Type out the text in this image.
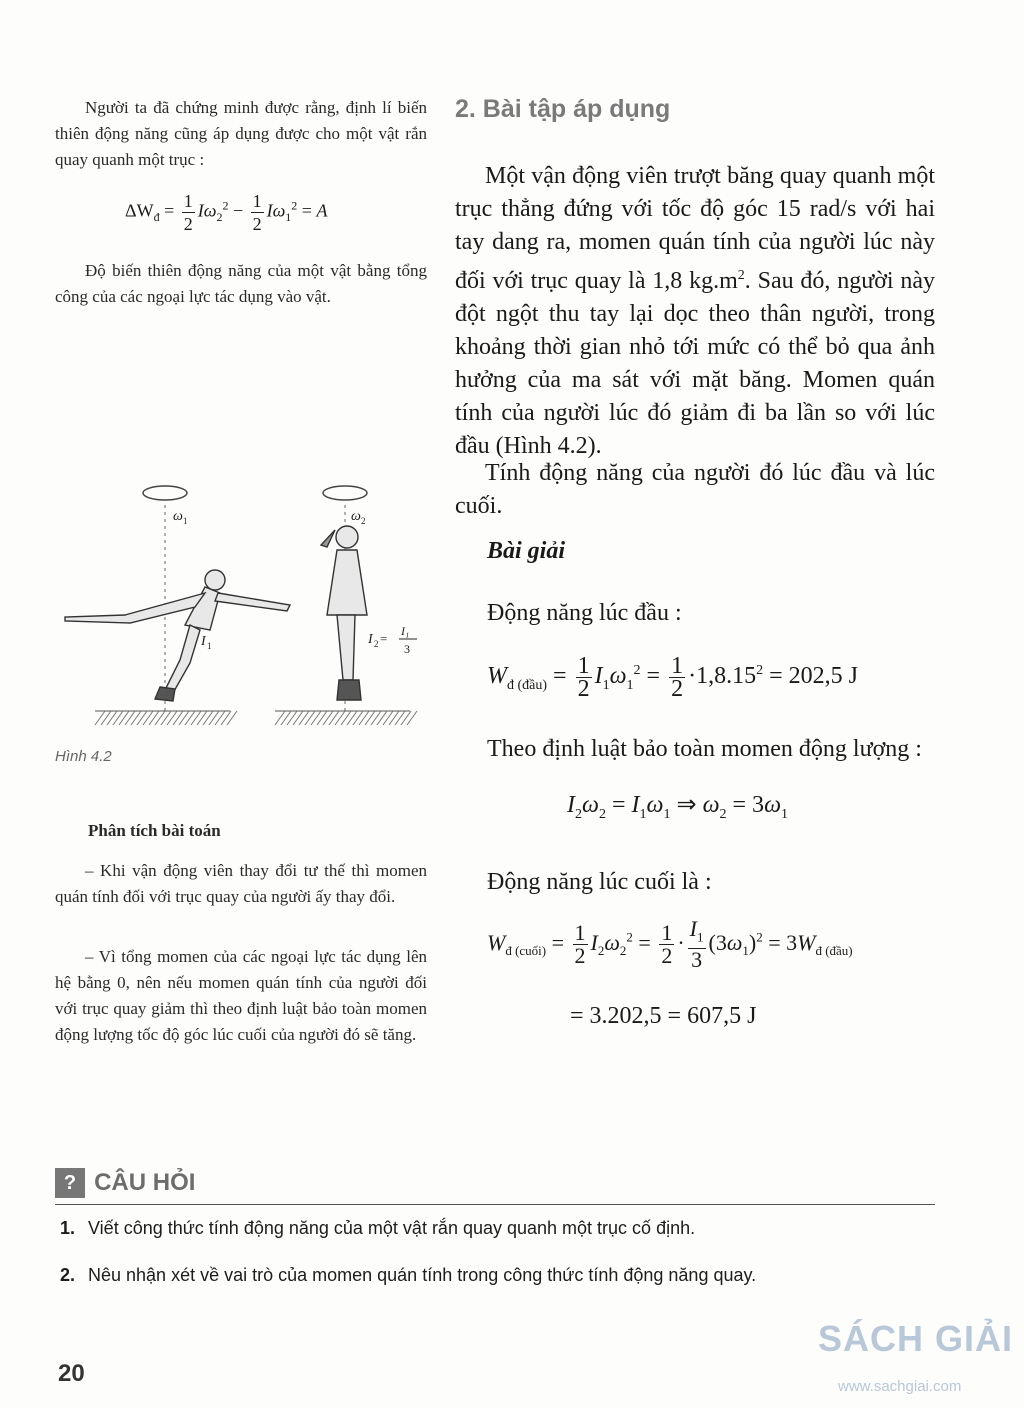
Người ta đã chứng minh được rằng, định lí biến thiên động năng cũng áp dụng được cho một vật rắn quay quanh một trục :
$\Delta W_đ = \frac{1}{2} I\omega_2^2 - \frac{1}{2} I\omega_1^2 = A$
Độ biến thiên động năng của một vật bằng tổng công của các ngoại lực tác dụng vào vật.
ω 1	ω 2
I 1	I 2 = I₁
3
Hình 4.2
Phân tích bài toán
– Khi vận động viên thay đổi tư thế thì momen quán tính đối với trục quay của người ấy thay đổi.
– Vì tổng momen của các ngoại lực tác dụng lên hệ bằng 0, nên nếu momen quán tính của người đối với trục quay giảm thì theo định luật bảo toàn momen động lượng tốc độ góc lúc cuối của người đó sẽ tăng.
2. Bài tập áp dụng
Một vận động viên trượt băng quay quanh một trục thẳng đứng với tốc độ góc 15 rad/s với hai tay dang ra, momen quán tính của người lúc này đối với trục quay là 1,8 $kg.m^2$. Sau đó, người này đột ngột thu tay lại dọc theo thân người, trong khoảng thời gian nhỏ tới mức có thể bỏ qua ảnh hưởng của ma sát với mặt băng. Momen quán tính của người lúc đó giảm đi ba lần so với lúc đầu (Hình 4.2).
Tính động năng của người đó lúc đầu và lúc cuối.
Bài giải
Động năng lúc đầu :
$W_{đ (đầu)} = \frac{1}{2} I_1\omega_1^2 = \frac{1}{2} \cdot 1,8.15^2 = 202,5$ J
Theo định luật bảo toàn momen động lượng :
$I_2\omega_2 = I_1\omega_1$ ⇒ $\omega_2 = 3\omega_1$
Động năng lúc cuối là :
$W_{đ (cuối)} = \frac{1}{2} I_2\omega_2^2 = \frac{1}{2} \cdot \frac{I_1}{3} (3\omega_1)^2 = 3W_{đ (đầu)}$
= 3.202,5 = 607,5 J
? CÂU HỎI
1. Viết công thức tính động năng của một vật rắn quay quanh một trục cố định.
2. Nêu nhận xét về vai trò của momen quán tính trong công thức tính động năng quay.
20
SÁCH GIẢI
www.sachgiai.com
